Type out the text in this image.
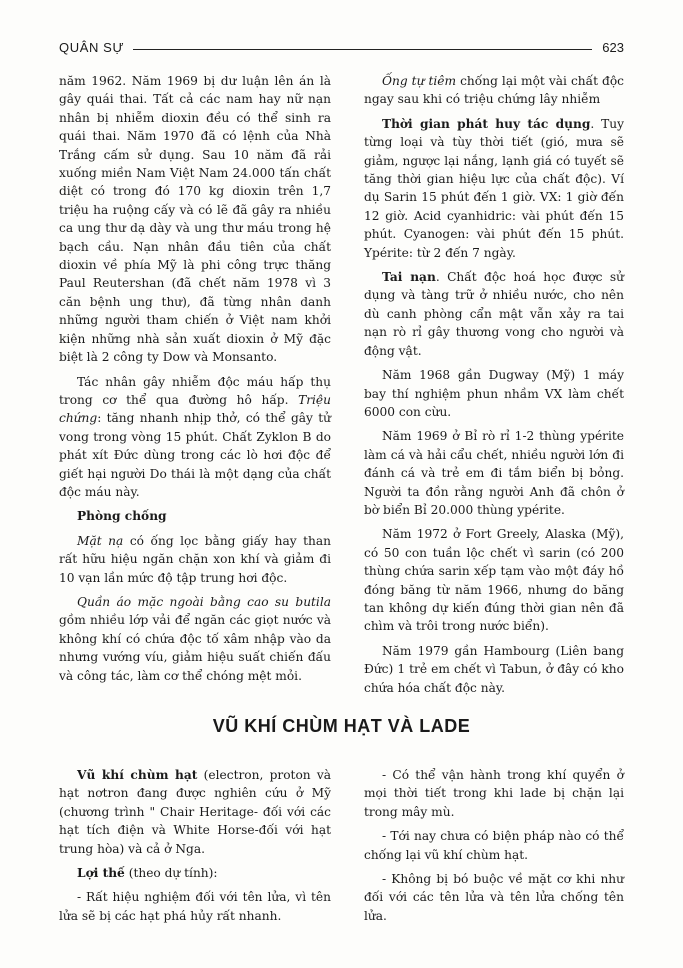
QUÂN SỰ	623

năm 1962. Năm 1969 bị dư luận lên án là gây quái thai. Tất cả các nam hay nữ nạn nhân bị nhiễm dioxin đều có thể sinh ra quái thai. Năm 1970 đã có lệnh của Nhà Trắng cấm sử dụng. Sau 10 năm đã rải xuống miền Nam Việt Nam 24.000 tấn chất diệt có trong đó 170 kg dioxin trên 1,7 triệu ha ruộng cấy và có lẽ đã gây ra nhiều ca ung thư dạ dày và ung thư máu trong hệ bạch cầu. Nạn nhân đầu tiên của chất dioxin về phía Mỹ là phi công trực thăng Paul Reutershan (đã chết năm 1978 vì 3 căn bệnh ung thư), đã từng nhân danh những người tham chiến ở Việt nam khởi kiện những nhà sản xuất dioxin ở Mỹ đặc biệt là 2 công ty Dow và Monsanto.

Tác nhân gây nhiễm độc máu hấp thụ trong cơ thể qua đường hô hấp. Triệu chứng: tăng nhanh nhịp thở, có thể gây tử vong trong vòng 15 phút. Chất Zyklon B do phát xít Đức dùng trong các lò hơi độc để giết hại người Do thái là một dạng của chất độc máu này.

Phòng chống

Mặt nạ có ống lọc bằng giấy hay than rất hữu hiệu ngăn chặn xon khí và giảm đi 10 vạn lần mức độ tập trung hơi độc.

Quần áo mặc ngoài bằng cao su butila gồm nhiều lớp vải để ngăn các giọt nước và không khí có chứa độc tố xâm nhập vào da nhưng vướng víu, giảm hiệu suất chiến đấu và công tác, làm cơ thể chóng mệt mỏi.

Ống tự tiêm chống lại một vài chất độc ngay sau khi có triệu chứng lây nhiễm

Thời gian phát huy tác dụng. Tuy từng loại và tùy thời tiết (gió, mưa sẽ giảm, ngược lại nắng, lạnh giá có tuyết sẽ tăng thời gian hiệu lực của chất độc). Ví dụ Sarin 15 phút đến 1 giờ. VX: 1 giờ đến 12 giờ. Acid cyanhidric: vài phút đến 15 phút. Cyanogen: vài phút đến 15 phút. Ypérite: từ 2 đến 7 ngày.

Tai nạn. Chất độc hoá học được sử dụng và tàng trữ ở nhiều nước, cho nên dù canh phòng cẩn mật vẫn xảy ra tai nạn rò rỉ gây thương vong cho người và động vật.

Năm 1968 gần Dugway (Mỹ) 1 máy bay thí nghiệm phun nhầm VX làm chết 6000 con cừu.

Năm 1969 ở Bỉ rò rỉ 1-2 thùng ypérite làm cá và hải cẩu chết, nhiều người lớn đi đánh cá và trẻ em đi tắm biển bị bỏng. Người ta đồn rằng người Anh đã chôn ở bờ biển Bỉ 20.000 thùng ypérite.

Năm 1972 ở Fort Greely, Alaska (Mỹ), có 50 con tuần lộc chết vì sarin (có 200 thùng chứa sarin xếp tạm vào một đáy hồ đóng băng từ năm 1966, nhưng do băng tan không dự kiến đúng thời gian nên đã chìm và trôi trong nước biển).

Năm 1979 gần Hambourg (Liên bang Đức) 1 trẻ em chết vì Tabun, ở đây có kho chứa hóa chất độc này.

VŨ KHÍ CHÙM HẠT VÀ LADE

Vũ khí chùm hạt (electron, proton và hạt nơtron đang được nghiên cứu ở Mỹ (chương trình " Chair Heritage- đối với các hạt tích điện và White Horse-đối với hạt trung hòa) và cả ở Nga.

Lợi thế (theo dự tính):

- Rất hiệu nghiệm đối với tên lửa, vì tên lửa sẽ bị các hạt phá hủy rất nhanh.

- Có thể vận hành trong khí quyển ở mọi thời tiết trong khi lade bị chặn lại trong mây mù.

- Tới nay chưa có biện pháp nào có thể chống lại vũ khí chùm hạt.

- Không bị bó buộc về mặt cơ khi như đối với các tên lửa và tên lửa chống tên lửa.
